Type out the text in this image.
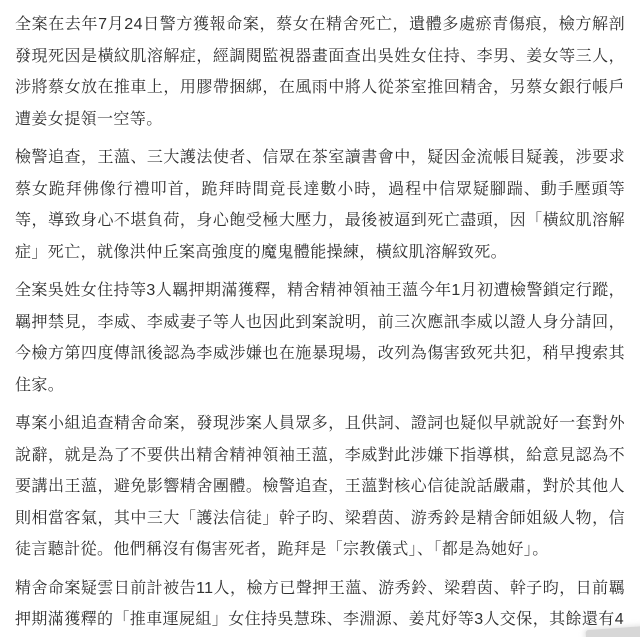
全案在去年7月24日警方獲報命案，蔡女在精舍死亡，遺體多處瘀青傷痕，檢方解剖發現死因是橫紋肌溶解症，經調閱監視器畫面查出吳姓女住持、李男、姜女等三人，涉將蔡女放在推車上，用膠帶捆綁，在風雨中將人從茶室推回精舍，另蔡女銀行帳戶遭姜女提領一空等。

檢警追查，王薀、三大護法使者、信眾在茶室讀書會中，疑因金流帳目疑義，涉要求蔡女跪拜佛像行禮叩首，跪拜時間竟長達數小時，過程中信眾疑腳踹、動手壓頭等等，導致身心不堪負荷，身心飽受極大壓力，最後被逼到死亡盡頭，因「橫紋肌溶解症」死亡，就像洪仲丘案高強度的魔鬼體能操練，橫紋肌溶解致死。

全案吳姓女住持等3人羈押期滿獲釋，精舍精神領袖王薀今年1月初遭檢警鎖定行蹤，羈押禁見，李威、李威妻子等人也因此到案說明，前三次應訊李威以證人身分請回，今檢方第四度傳訊後認為李威涉嫌也在施暴現場，改列為傷害致死共犯，稍早搜索其住家。

專案小組追查精舍命案，發現涉案人員眾多，且供詞、證詞也疑似早就說好一套對外說辭，就是為了不要供出精舍精神領袖王薀，李威對此涉嫌下指導棋，給意見認為不要講出王薀，避免影響精舍團體。檢警追查，王薀對核心信徒說話嚴肅，對於其他人則相當客氣，其中三大「護法信徒」幹子昀、梁碧茵、游秀鈴是精舍師姐級人物，信徒言聽計從。他們稱沒有傷害死者，跪拜是「宗教儀式」、「都是為她好」。

精舍命案疑雲日前計被告11人，檢方已聲押王薀、游秀鈴、梁碧茵、幹子昀，日前羈押期滿獲釋的「推車運屍組」女住持吳慧珠、李淵源、姜芃妤等3人交保，其餘還有4
